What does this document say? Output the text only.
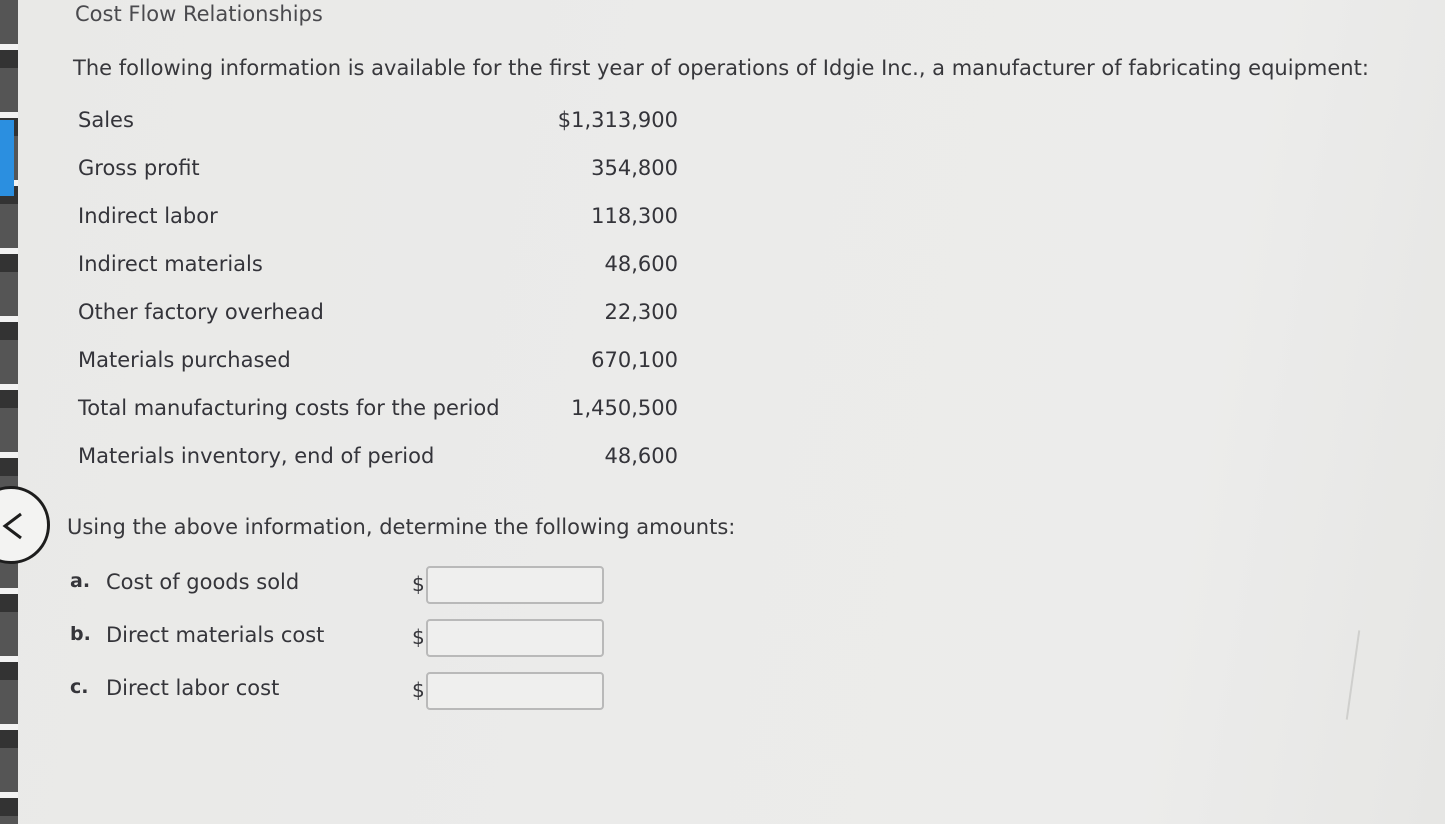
Cost Flow Relationships
The following information is available for the first year of operations of Idgie Inc., a manufacturer of fabricating equipment:
Sales	$1,313,900
Gross profit	354,800
Indirect labor	118,300
Indirect materials	48,600
Other factory overhead	22,300
Materials purchased	670,100
Total manufacturing costs for the period	1,450,500
Materials inventory, end of period	48,600
Using the above information, determine the following amounts:
a. Cost of goods sold	$
b. Direct materials cost	$
c. Direct labor cost	$
